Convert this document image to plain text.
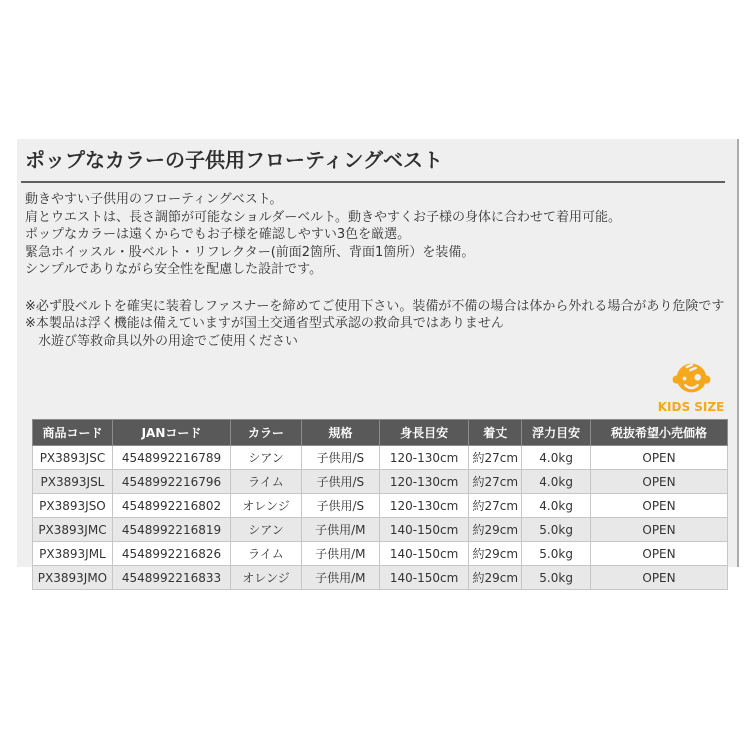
ポップなカラーの子供用フローティングベスト
動きやすい子供用のフローティングベスト。
肩とウエストは、長さ調節が可能なショルダーベルト。動きやすくお子様の身体に合わせて着用可能。
ポップなカラーは遠くからでもお子様を確認しやすい3色を厳選。
緊急ホイッスル・股ベルト・リフレクター(前面2箇所、背面1箇所）を装備。
シンプルでありながら安全性を配慮した設計です。
※必ず股ベルトを確実に装着しファスナーを締めてご使用下さい。装備が不備の場合は体から外れる場合があり危険です
※本製品は浮く機能は備えていますが国土交通省型式承認の救命具ではありません
水遊び等救命具以外の用途でご使用ください
KIDS SIZE
商品コード	JANコード	カラー	規格	身長目安	着丈	浮力目安	税抜希望小売価格
PX3893JSC	4548992216789	シアン	子供用/S	120-130cm	約27cm	4.0kg	OPEN
PX3893JSL	4548992216796	ライム	子供用/S	120-130cm	約27cm	4.0kg	OPEN
PX3893JSO	4548992216802	オレンジ	子供用/S	120-130cm	約27cm	4.0kg	OPEN
PX3893JMC	4548992216819	シアン	子供用/M	140-150cm	約29cm	5.0kg	OPEN
PX3893JML	4548992216826	ライム	子供用/M	140-150cm	約29cm	5.0kg	OPEN
PX3893JMO	4548992216833	オレンジ	子供用/M	140-150cm	約29cm	5.0kg	OPEN
